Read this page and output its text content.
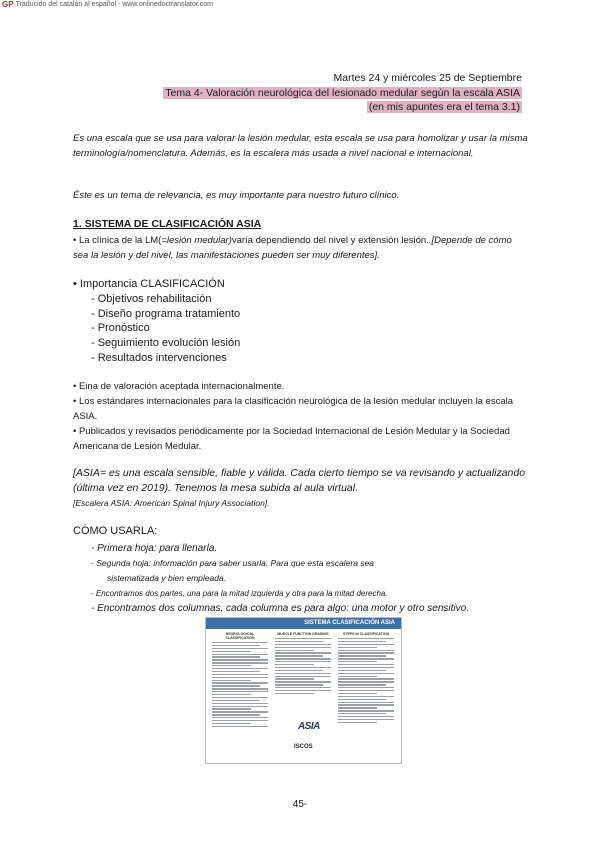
GP Traducido del catalán al español - www.onlinedoctranslator.com
Martes 24 y miércoles 25 de Septiembre
Tema 4- Valoración neurológica del lesionado medular según la escala ASIA
(en mis apuntes era el tema 3.1)
Es una escala que se usa para valorar la lesión medular, esta escala se usa para homolizar y usar la misma terminología/nomenclatura. Además, es la escalera más usada a nivel nacional e internacional.
Éste es un tema de relevancia, es muy importante para nuestro futuro clínico.
1. SISTEMA DE CLASIFICACIÓN ASIA
• La clínica de la LM(=lesión medular)varía dependiendo del nivel y extensión lesión. [Depende de cómo sea la lesión y del nivel, las manifestaciones pueden ser muy diferentes].
• Importancia CLASIFICACIÓN
- Objetivos rehabilitación
- Diseño programa tratamiento
- Pronóstico
- Seguimiento evolución lesión
- Resultados intervenciones
• Eina de valoración aceptada internacionalmente.
• Los estándares internacionales para la clasificación neurológica de la lesión medular incluyen la escala ASIA.
• Publicados y revisados periódicamente por la Sociedad Internacional de Lesión Medular y la Sociedad Americana de Lesión Medular.
[ASIA= es una escala sensible, fiable y válida. Cada cierto tiempo se va revisando y actualizando (última vez en 2019). Tenemos la mesa subida al aula virtual.
[Escalera ASIA: American Spinal Injury Association].
CÓMO USARLA:
- Primera hoja: para llenarla.
- Segunda hoja: información para saber usarla. Para que esta escalera sea
sistematizada y bien empleada.
- Encontramos dos partes, una para la mitad izquierda y otra para la mitad derecha.
- Encontramos dos columnas, cada columna es para algo: una motor y otro sensitivo.
SISTEMA CLASIFICACIÓN ASIA
NEUROLOGICAL CLASSIFICATION
MUSCLE FUNCTION GRADING	STEPS IN CLASSIFICATION
ASIA
ISCOS
45-
